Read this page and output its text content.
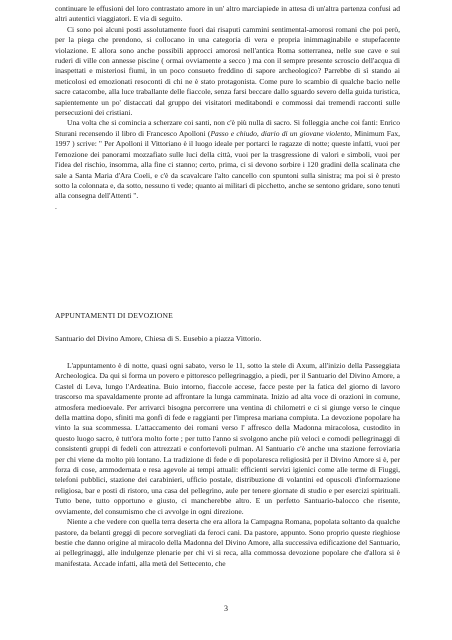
continuare le effusioni del loro contrastato amore in un' altro marciapiede in attesa di un'altra partenza confusi ad altri autentici viaggiatori. E via di seguito.

Ci sono poi alcuni posti assolutamente fuori dai risaputi cammini sentimental-amorosi romani che poi però, per la piega che prendono, si collocano in una categoria di vera e propria inimmaginabile e stupefacente violazione. E allora sono anche possibili approcci amorosi nell'antica Roma sotterranea, nelle sue cave e sui ruderi di ville con annesse piscine ( ormai ovviamente a secco ) ma con il sempre presente scroscio dell'acqua di inaspettati e misteriosi fiumi, in un poco consueto freddino di sapore archeologico? Parrebbe di sì stando ai meticolosi ed emozionati resoconti di chi ne è stato protagonista. Come pure lo scambio di qualche bacio nelle sacre catacombe, alla luce traballante delle fiaccole, senza farsi beccare dallo sguardo severo della guida turistica, sapientemente un po' distaccati dal gruppo dei visitatori meditabondi e commossi dai tremendi racconti sulle persecuzioni dei cristiani.

Una volta che si comincia a scherzare coi santi, non c'è più nulla di sacro. Si folleggia anche coi fanti: Enrico Sturani recensendo il libro di Francesco Apolloni (Passo e chiudo, diario di un giovane violento, Minimum Fax, 1997 ) scrive: " Per Apolloni il Vittoriano è il luogo ideale per portarci le ragazze di notte; queste infatti, vuoi per l'emozione dei panorami mozzafiato sulle luci della città, vuoi per la trasgressione di valori e simboli, vuoi per l'idea del rischio, insomma, alla fine ci stanno; certo, prima, ci si devono sorbire i 120 gradini della scalinata che sale a Santa Maria d'Ara Coeli, e c'è da scavalcare l'alto cancello con spuntoni sulla sinistra; ma poi si è presto sotto la colonnata e, da sotto, nessuno ti vede; quanto ai militari di picchetto, anche se sentono gridare, sono tenuti alla consegna dell'Attenti ".

.

APPUNTAMENTI DI DEVOZIONE

Santuario del Divino Amore, Chiesa di S. Eusebio a piazza Vittorio.

L'appuntamento è di notte, quasi ogni sabato, verso le 11, sotto la stele di Axum, all'inizio della Passeggiata Archeologica. Da qui si forma un povero e pittoresco pellegrinaggio, a piedi, per il Santuario del Divino Amore, a Castel di Leva, lungo l'Ardeatina. Buio intorno, fiaccole accese, facce peste per la fatica del giorno di lavoro trascorso ma spavaldamente pronte ad affrontare la lunga camminata. Inizio ad alta voce di orazioni in comune, atmosfera medioevale. Per arrivarci bisogna percorrere una ventina di chilometri e ci si giunge verso le cinque della mattina dopo, sfiniti ma gonfi di fede e raggianti per l'impresa mariana compiuta. La devozione popolare ha vinto la sua scommessa. L'attaccamento dei romani verso l' affresco della Madonna miracolosa, custodito in questo luogo sacro, è tutt'ora molto forte ; per tutto l'anno si svolgono anche più veloci e comodi pellegrinaggi di consistenti gruppi di fedeli con attrezzati e confortevoli pulman. Al Santuario c'è anche una stazione ferroviaria per chi viene da molto più lontano. La tradizione di fede e di popolaresca religiosità per il Divino Amore si è, per forza di cose, ammodernata e resa agevole ai tempi attuali: efficienti servizi igienici come alle terme di Fiuggi, telefoni pubblici, stazione dei carabinieri, ufficio postale, distribuzione di volantini ed opuscoli d'informazione religiosa, bar e posti di ristoro, una casa del pellegrino, aule per tenere giornate di studio e per esercizi spirituali. Tutto bene, tutto opportuno e giusto, ci mancherebbe altro. E un perfetto Santuario-balocco che risente, ovviamente, del consumismo che ci avvolge in ogni direzione.

Niente a che vedere con quella terra deserta che era allora la Campagna Romana, popolata soltanto da qualche pastore, da belanti greggi di pecore sorvegliati da feroci cani. Da pastore, appunto. Sono proprio queste rieghiose bestie che danno origine al miracolo della Madonna del Divino Amore, alla successiva edificazione del Santuario, ai pellegrinaggi, alle indulgenze plenarie per chi vi si reca, alla commossa devozione popolare che d'allora si è manifestata. Accade infatti, alla metà del Settecento, che

3
